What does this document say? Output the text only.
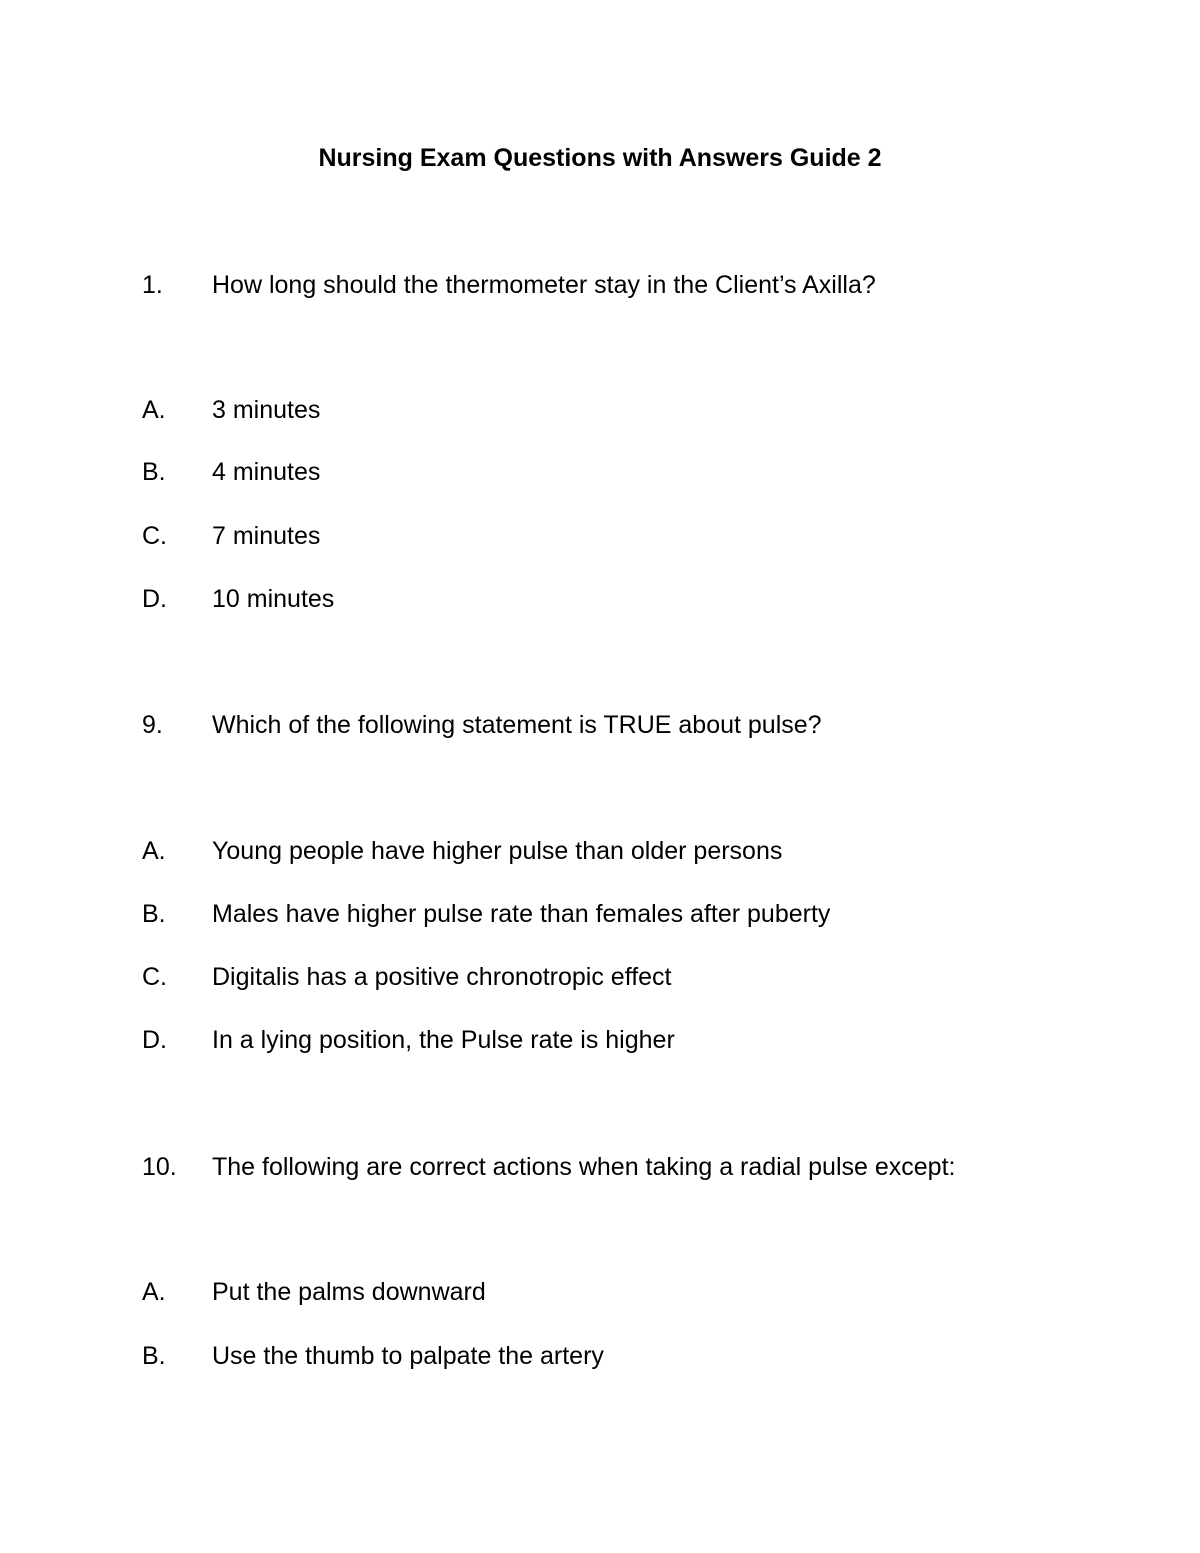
Nursing Exam Questions with Answers Guide 2
1. How long should the thermometer stay in the Client’s Axilla?
A. 3 minutes
B. 4 minutes
C. 7 minutes
D. 10 minutes
9. Which of the following statement is TRUE about pulse?
A. Young people have higher pulse than older persons
B. Males have higher pulse rate than females after puberty
C. Digitalis has a positive chronotropic effect
D. In a lying position, the Pulse rate is higher
10. The following are correct actions when taking a radial pulse except:
A. Put the palms downward
B. Use the thumb to palpate the artery
